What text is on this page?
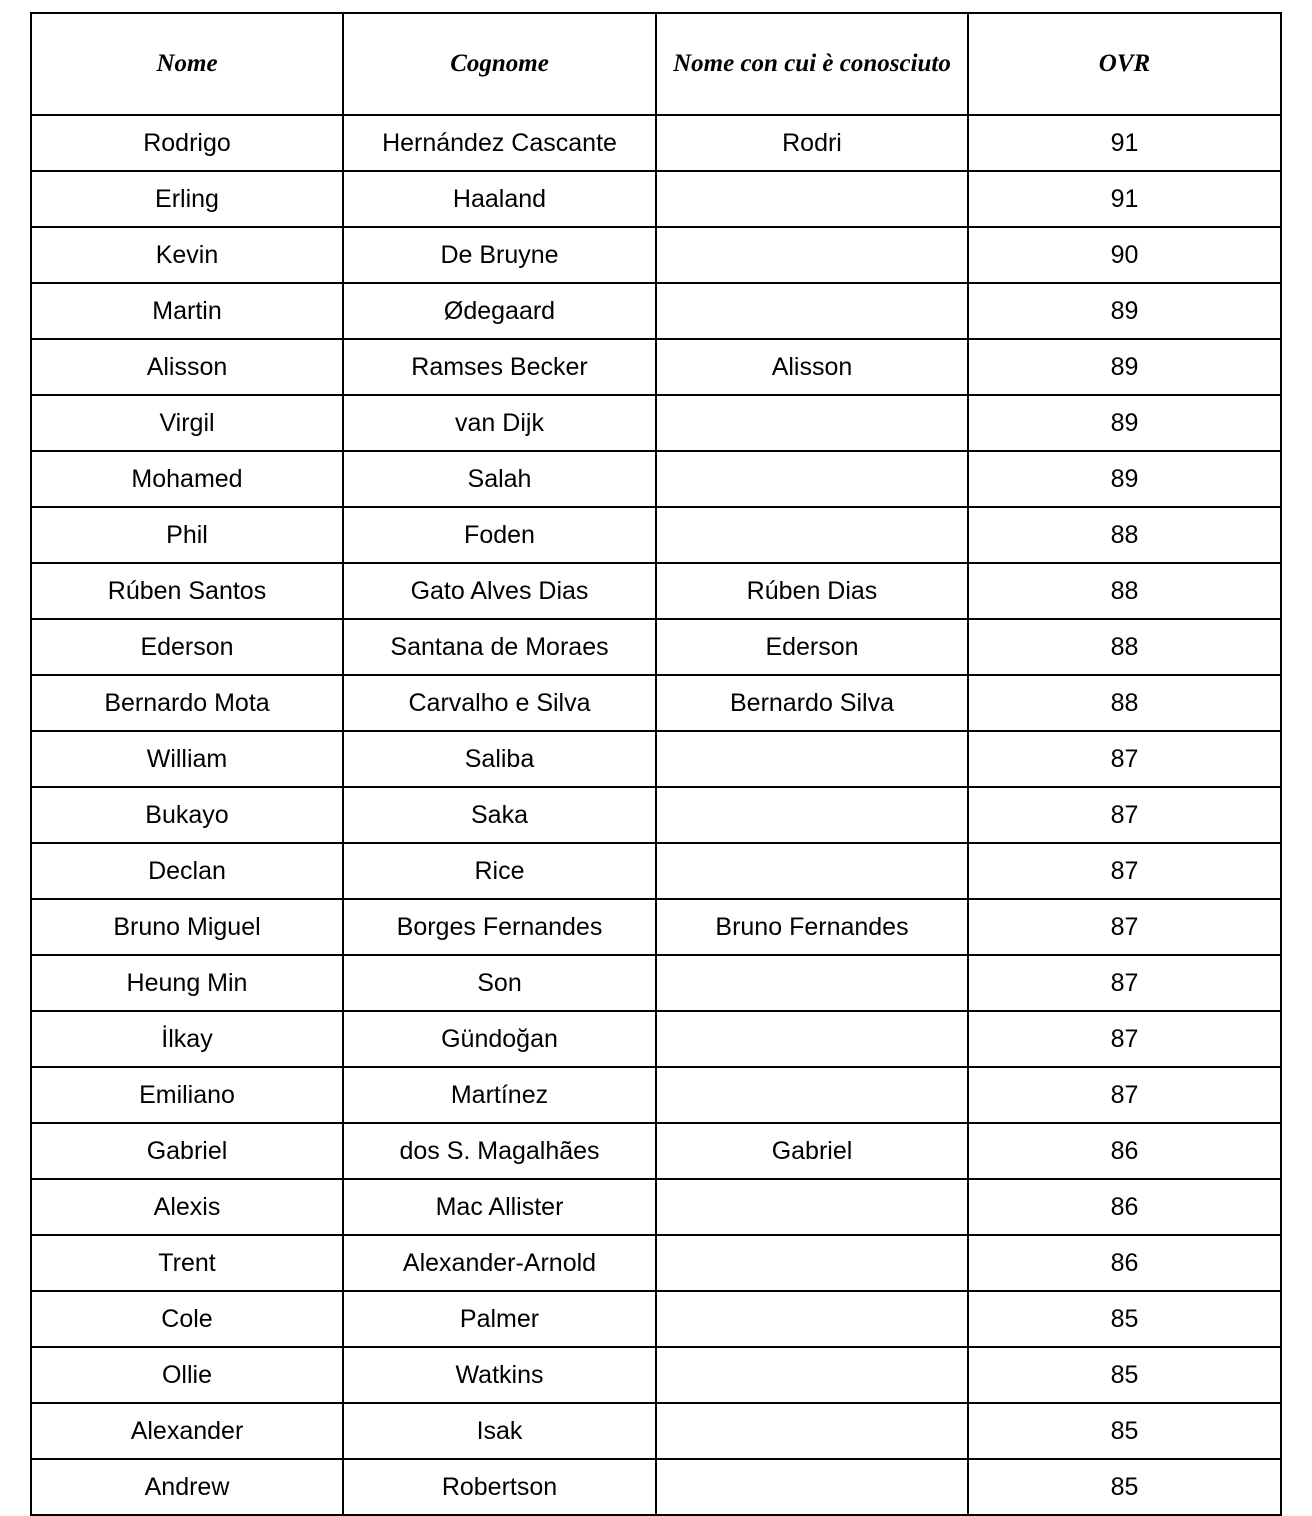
Nome	Cognome	Nome con cui è conosciuto	OVR
Rodrigo	Hernández Cascante	Rodri	91
Erling	Haaland		91
Kevin	De Bruyne		90
Martin	Ødegaard		89
Alisson	Ramses Becker	Alisson	89
Virgil	van Dijk		89
Mohamed	Salah		89
Phil	Foden		88
Rúben Santos	Gato Alves Dias	Rúben Dias	88
Ederson	Santana de Moraes	Ederson	88
Bernardo Mota	Carvalho e Silva	Bernardo Silva	88
William	Saliba		87
Bukayo	Saka		87
Declan	Rice		87
Bruno Miguel	Borges Fernandes	Bruno Fernandes	87
Heung Min	Son		87
İlkay	Gündoğan		87
Emiliano	Martínez		87
Gabriel	dos S. Magalhães	Gabriel	86
Alexis	Mac Allister		86
Trent	Alexander-Arnold		86
Cole	Palmer		85
Ollie	Watkins		85
Alexander	Isak		85
Andrew	Robertson		85
